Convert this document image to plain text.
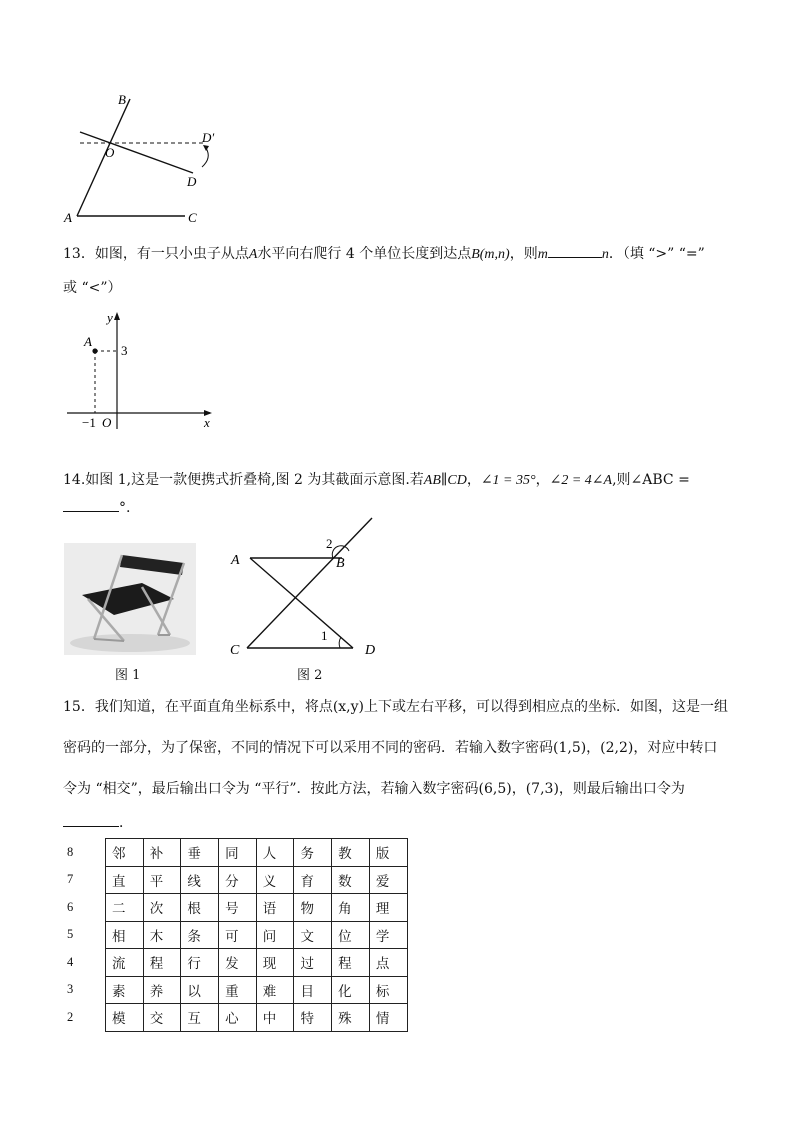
B
O
D′
D
A	C
13．如图，有一只小虫子从点A水平向右爬行 4 个单位长度到达点B(m,n)，则m	n．（填 “>” “=”
或 “<”）
y
x
O
A
3
−1
14.如图 1,这是一款便携式折叠椅,图 2 为其截面示意图.若AB∥CD，∠1 = 35°，∠2 = 4∠A,则∠ABC =
°.
图 1
A	B
C	D
1
2
图 2
15．我们知道，在平面直角坐标系中，将点(x,y)上下或左右平移，可以得到相应点的坐标．如图，这是一组
密码的一部分，为了保密，不同的情况下可以采用不同的密码．若输入数字密码(1,5)，(2,2)，对应中转口
令为 “相交”，最后输出口令为 “平行”．按此方法，若输入数字密码(6,5)，(7,3)，则最后输出口令为
．
8		邻	补	垂	同	人	务	教	版
7		直	平	线	分	义	育	数	爱
6		二	次	根	号	语	物	角	理
5		相	木	条	可	问	文	位	学
4		流	程	行	发	现	过	程	点
3		素	养	以	重	难	目	化	标
2		模	交	互	心	中	特	殊	情
